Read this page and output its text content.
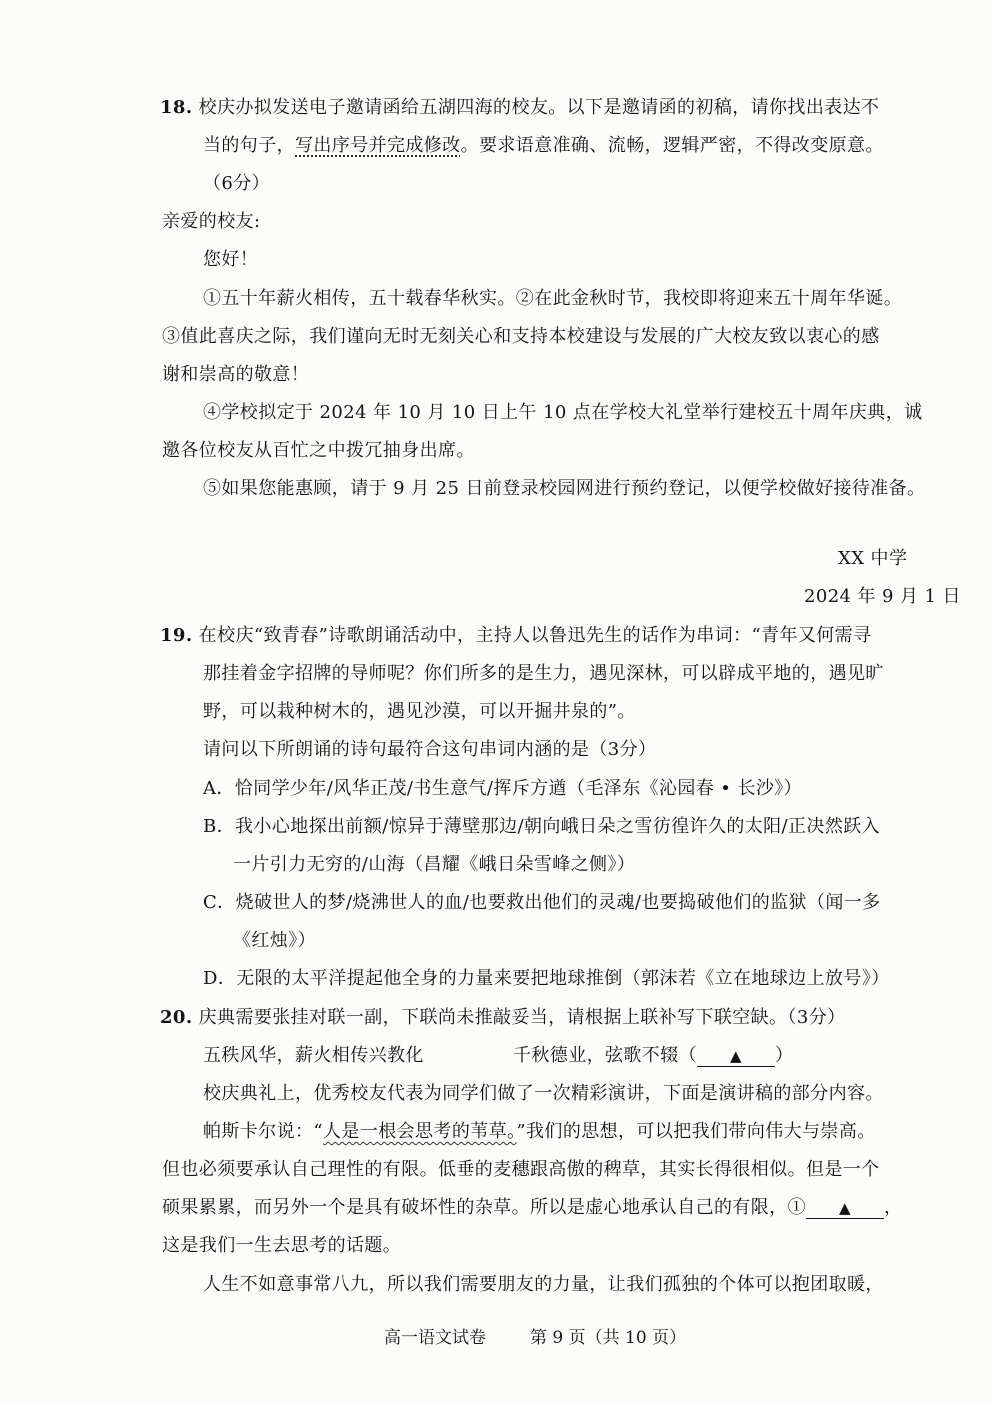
18. 校庆办拟发送电子邀请函给五湖四海的校友。以下是邀请函的初稿，请你找出表达不
当的句子，写出序号并完成修改。要求语意准确、流畅，逻辑严密，不得改变原意。
（6分）
亲爱的校友:
您好！
①五十年薪火相传，五十载春华秋实。②在此金秋时节，我校即将迎来五十周年华诞。
③值此喜庆之际，我们谨向无时无刻关心和支持本校建设与发展的广大校友致以衷心的感
谢和崇高的敬意！
④学校拟定于 2024 年 10 月 10 日上午 10 点在学校大礼堂举行建校五十周年庆典，诚
邀各位校友从百忙之中拨冗抽身出席。
⑤如果您能惠顾，请于 9 月 25 日前登录校园网进行预约登记，以便学校做好接待准备。
XX 中学
2024 年 9 月 1 日
19. 在校庆“致青春”诗歌朗诵活动中，主持人以鲁迅先生的话作为串词：“青年又何需寻
那挂着金字招牌的导师呢？你们所多的是生力，遇见深林，可以辟成平地的，遇见旷
野，可以栽种树木的，遇见沙漠，可以开掘井泉的”。
请问以下所朗诵的诗句最符合这句串词内涵的是（3分）
A．恰同学少年/风华正茂/书生意气/挥斥方遒（毛泽东《沁园春 • 长沙》）
B．我小心地探出前额/惊异于薄壁那边/朝向峨日朵之雪彷徨许久的太阳/正决然跃入
一片引力无穷的/山海（昌耀《峨日朵雪峰之侧》）
C．烧破世人的梦/烧沸世人的血/也要救出他们的灵魂/也要捣破他们的监狱（闻一多
《红烛》）
D．无限的太平洋提起他全身的力量来要把地球推倒（郭沫若《立在地球边上放号》）
20. 庆典需要张挂对联一副，下联尚未推敲妥当，请根据上联补写下联空缺。（3分）
五秩风华，薪火相传兴教化	千秋德业，弦歌不辍（ ▲ ）
校庆典礼上，优秀校友代表为同学们做了一次精彩演讲，下面是演讲稿的部分内容。
帕斯卡尔说：“人是一根会思考的苇草。”我们的思想，可以把我们带向伟大与崇高。
但也必须要承认自己理性的有限。低垂的麦穗跟高傲的稗草，其实长得很相似。但是一个
硕果累累，而另外一个是具有破坏性的杂草。所以是虚心地承认自己的有限，① ▲ ，
这是我们一生去思考的话题。
人生不如意事常八九，所以我们需要朋友的力量，让我们孤独的个体可以抱团取暖，
高一语文试卷	第 9 页（共 10 页）
